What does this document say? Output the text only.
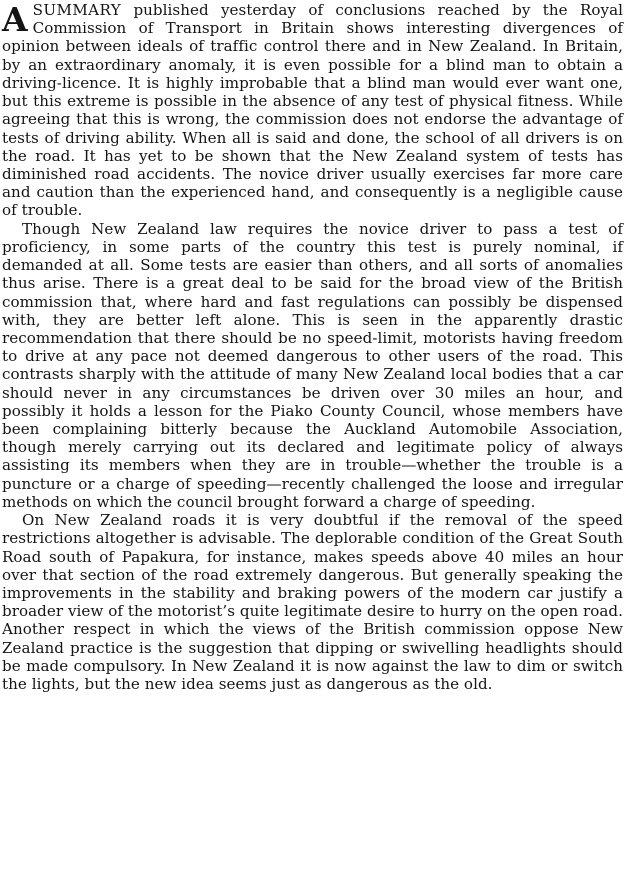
ASUMMARY published yesterday of conclusions reached by the Royal Commission of Transport in Britain shows interesting divergences of opinion between ideals of traffic control there and in New Zealand. In Britain, by an extraordinary anomaly, it is even possible for a blind man to obtain a driving-licence. It is highly improbable that a blind man would ever want one, but this extreme is possible in the absence of any test of physical fitness. While agreeing that this is wrong, the commission does not endorse the advantage of tests of driving ability. When all is said and done, the school of all drivers is on the road. It has yet to be shown that the New Zealand system of tests has diminished road accidents. The novice driver usually exercises far more care and caution than the experienced hand, and consequently is a negligible cause of trouble.

Though New Zealand law requires the novice driver to pass a test of proficiency, in some parts of the country this test is purely nominal, if demanded at all. Some tests are easier than others, and all sorts of anomalies thus arise. There is a great deal to be said for the broad view of the British commission that, where hard and fast regulations can possibly be dispensed with, they are better left alone. This is seen in the apparently drastic recommendation that there should be no speed-limit, motorists having freedom to drive at any pace not deemed dangerous to other users of the road. This contrasts sharply with the attitude of many New Zealand local bodies that a car should never in any circumstances be driven over 30 miles an hour, and possibly it holds a lesson for the Piako County Council, whose members have been complaining bitterly because the Auckland Automobile Association, though merely carrying out its declared and legitimate policy of always assisting its members when they are in trouble—whether the trouble is a puncture or a charge of speeding—recently challenged the loose and irregular methods on which the council brought forward a charge of speeding.

On New Zealand roads it is very doubtful if the removal of the speed restrictions altogether is advisable. The deplorable condition of the Great South Road south of Papakura, for instance, makes speeds above 40 miles an hour over that section of the road extremely dangerous. But generally speaking the improvements in the stability and braking powers of the modern car justify a broader view of the motorist’s quite legitimate desire to hurry on the open road. Another respect in which the views of the British commission oppose New Zealand practice is the suggestion that dipping or swivelling headlights should be made compulsory. In New Zealand it is now against the law to dim or switch the lights, but the new idea seems just as dangerous as the old.
